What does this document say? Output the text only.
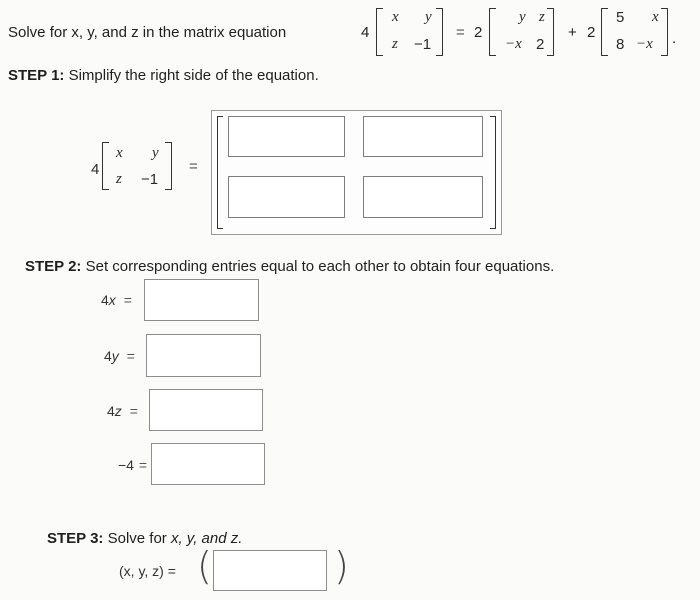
Solve for x, y, and z in the matrix equation	4
x y
z −1
= 2
y z
−x 2
+ 2
5 x
8 −x .
STEP 1: Simplify the right side of the equation.
4
x y
z −1
=
STEP 2: Set corresponding entries equal to each other to obtain four equations.
4x =
4y =
4z =
−4 =
STEP 3: Solve for x, y, and z.
(x, y, z) = (	)
